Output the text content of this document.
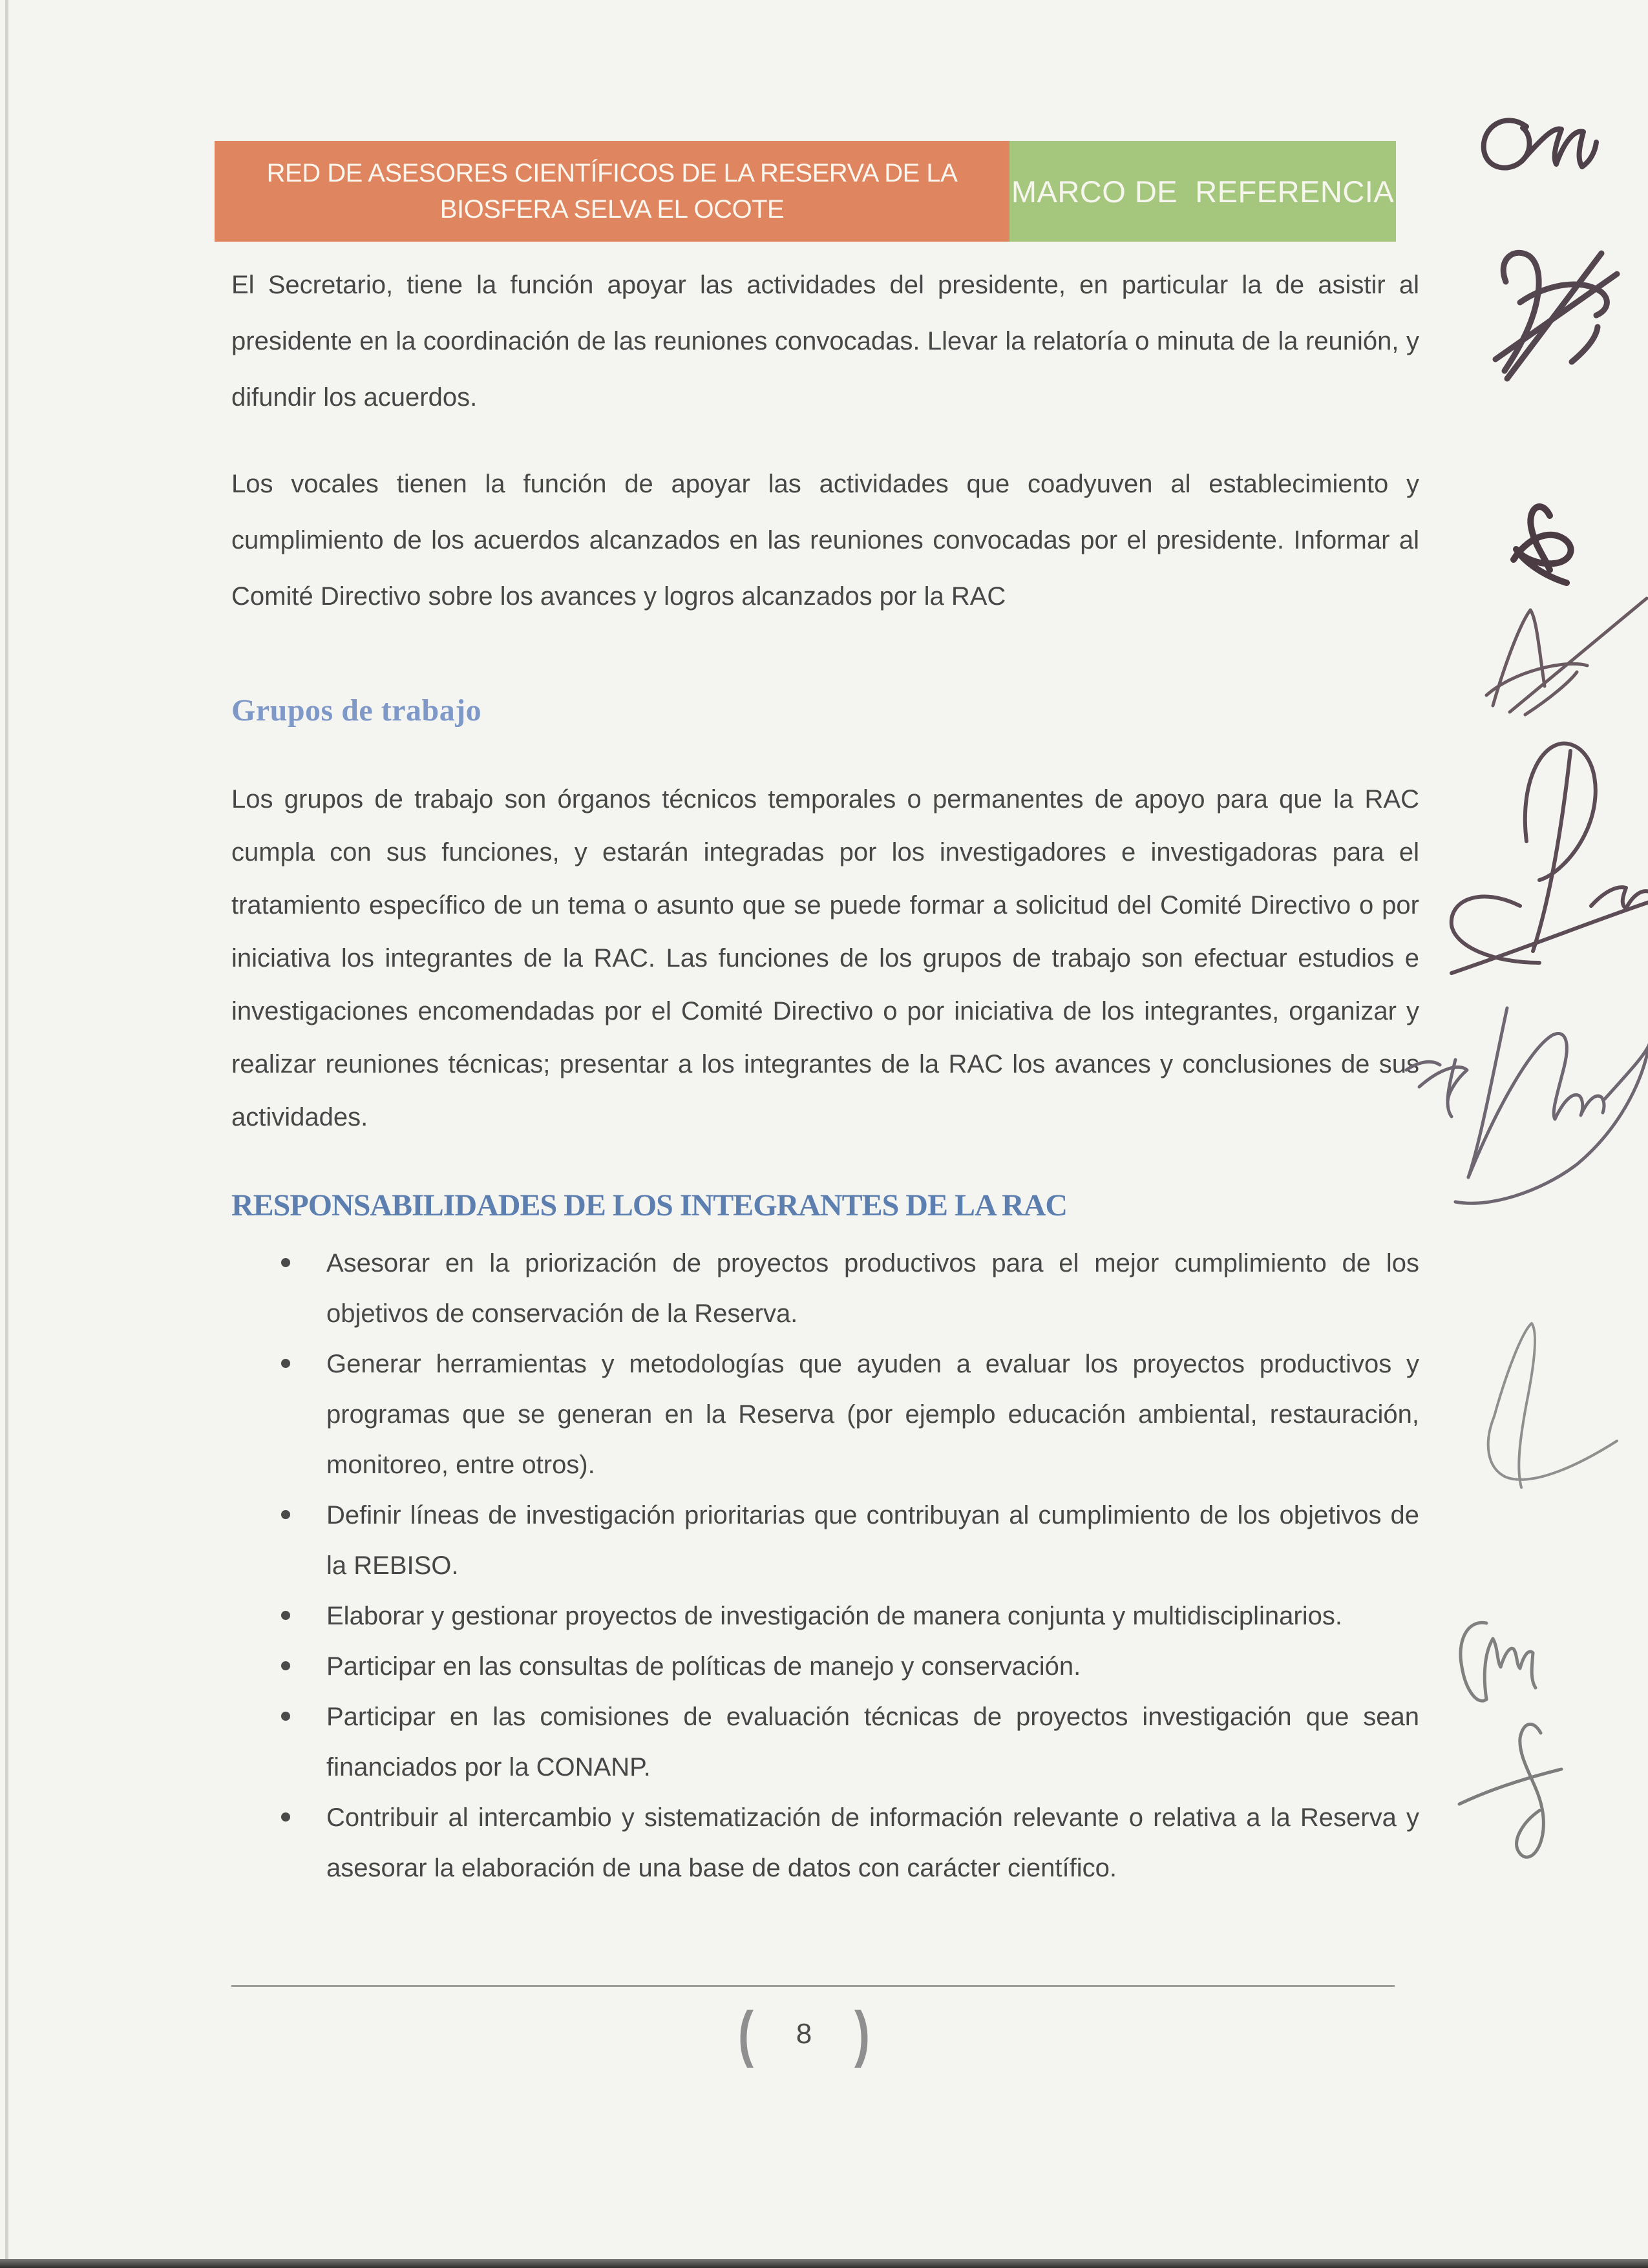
RED DE ASESORES CIENTÍFICOS DE LA RESERVA DE LA BIOSFERA SELVA EL OCOTE
MARCO DE  REFERENCIA
El Secretario, tiene la función apoyar las actividades del presidente, en particular la de asistir al presidente en la coordinación de las reuniones convocadas. Llevar la relatoría o minuta de la reunión, y difundir los acuerdos.
Los vocales tienen la función de apoyar las actividades que coadyuven al establecimiento y cumplimiento de los acuerdos alcanzados en las reuniones convocadas por el presidente. Informar al Comité Directivo sobre los avances y logros alcanzados por la RAC
Grupos de trabajo
Los grupos de trabajo son órganos técnicos temporales o permanentes de apoyo para que la RAC cumpla con sus funciones, y estarán integradas por los investigadores e investigadoras para el tratamiento específico de un tema o asunto que se puede formar a solicitud del Comité Directivo o por iniciativa los integrantes de la RAC. Las funciones de los grupos de trabajo son efectuar estudios e investigaciones encomendadas por el Comité Directivo o por iniciativa de los integrantes, organizar y realizar reuniones técnicas; presentar a los integrantes de la RAC los avances y conclusiones de sus actividades.
RESPONSABILIDADES DE LOS INTEGRANTES DE LA RAC
Asesorar en la priorización de proyectos productivos para el mejor cumplimiento de los objetivos de conservación de la Reserva.
Generar herramientas y metodologías que ayuden a evaluar los proyectos productivos y programas que se generan en la Reserva (por ejemplo educación ambiental, restauración, monitoreo, entre otros).
Definir líneas de investigación prioritarias que contribuyan al cumplimiento de los objetivos de la REBISO.
Elaborar y gestionar proyectos de investigación de manera conjunta y multidisciplinarios.
Participar en las consultas de políticas de manejo y conservación.
Participar en las comisiones de evaluación técnicas de proyectos investigación que sean financiados por la CONANP.
Contribuir al intercambio y sistematización de información relevante o relativa a la Reserva y asesorar la elaboración de una base de datos con carácter científico.
( 8 )
